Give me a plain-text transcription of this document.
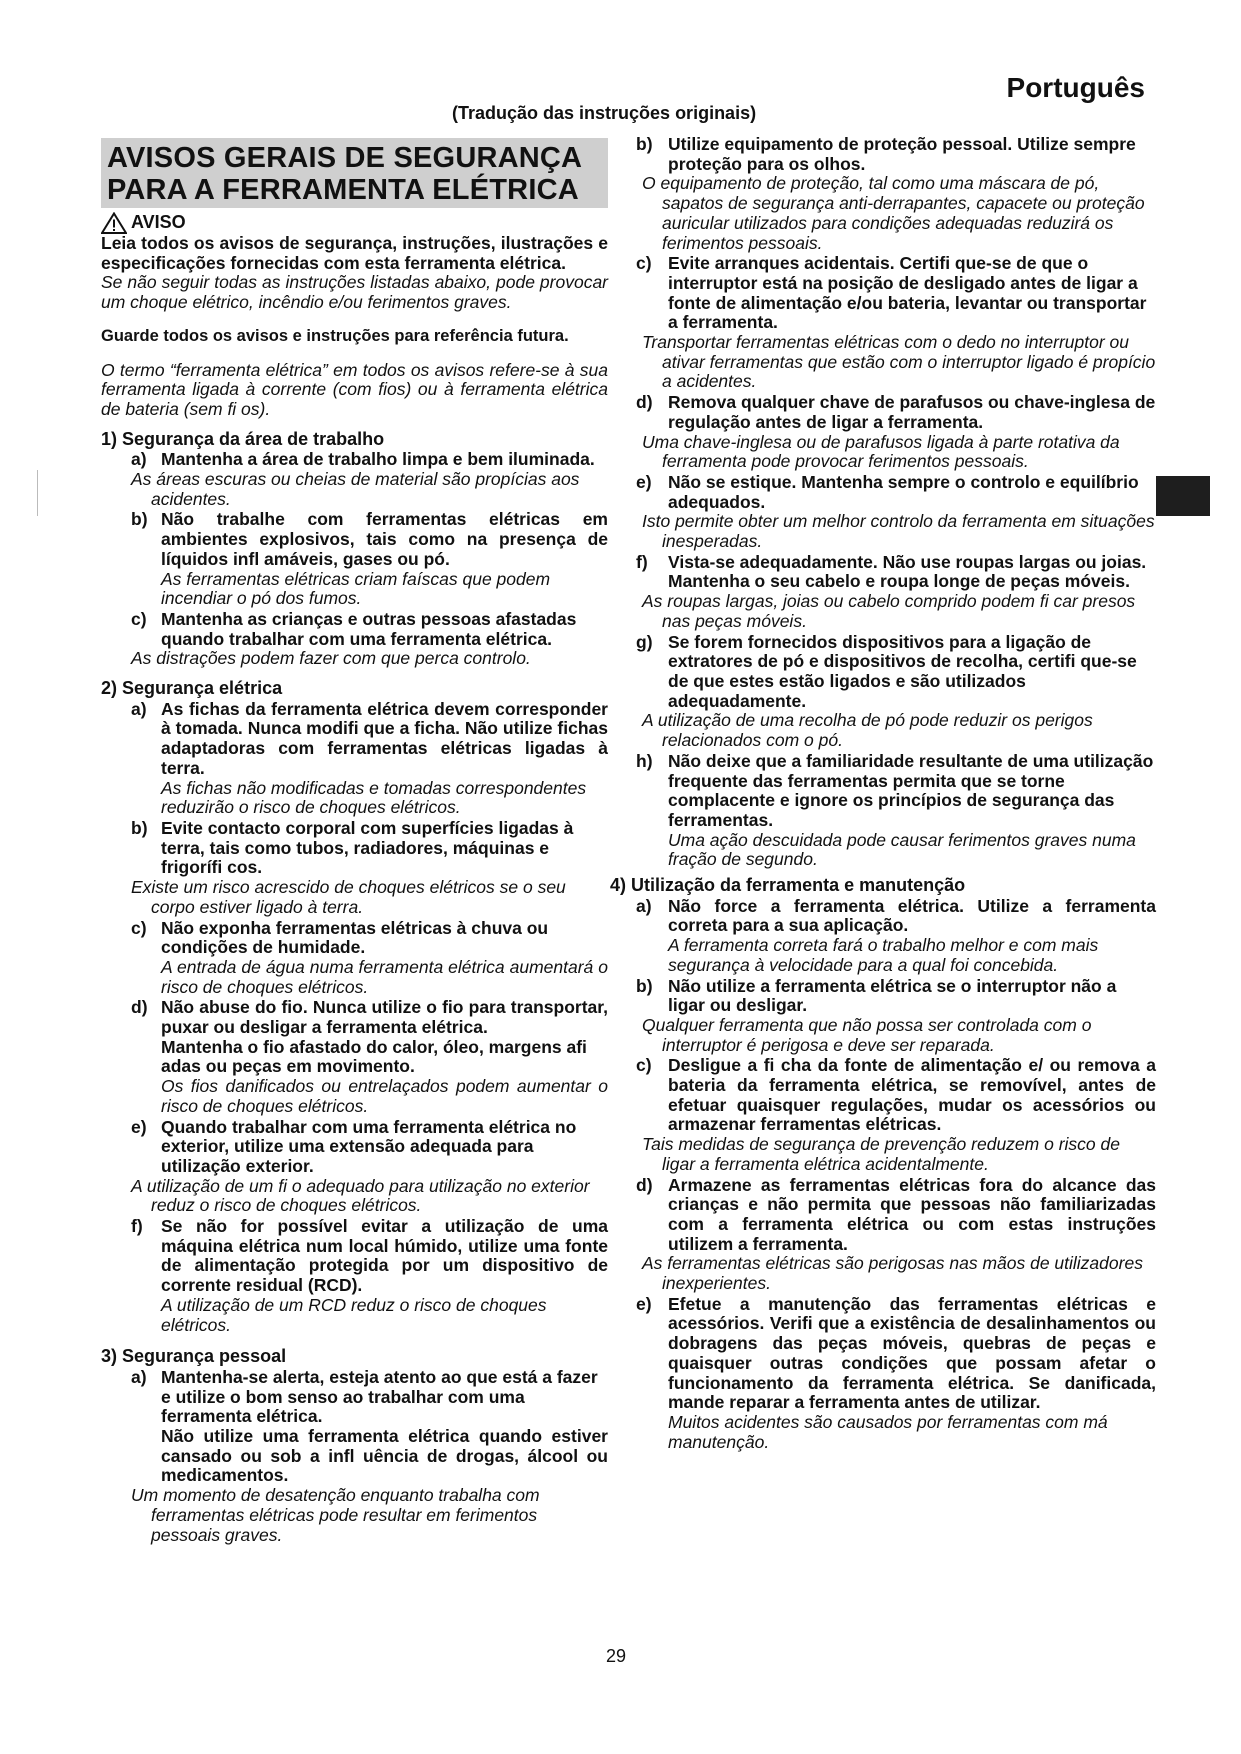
Português
(Tradução das instruções originais)
AVISOS GERAIS DE SEGURANÇA
PARA A FERRAMENTA ELÉTRICA
AVISO
Leia todos os avisos de segurança, instruções, ilustrações e especificações fornecidas com esta ferramenta elétrica.
Se não seguir todas as instruções listadas abaixo, pode provocar um choque elétrico, incêndio e/ou ferimentos graves.
Guarde todos os avisos e instruções para referência futura.
O termo “ferramenta elétrica” em todos os avisos refere-se à sua ferramenta ligada à corrente (com fios) ou à ferramenta elétrica de bateria (sem fi os).
1) Segurança da área de trabalho
a) Mantenha a área de trabalho limpa e bem iluminada.
As áreas escuras ou cheias de material são propícias aos acidentes.
b) Não trabalhe com ferramentas elétricas em ambientes explosivos, tais como na presença de líquidos infl amáveis, gases ou pó.
As ferramentas elétricas criam faíscas que podem incendiar o pó dos fumos.
c) Mantenha as crianças e outras pessoas afastadas quando trabalhar com uma ferramenta elétrica.
As distrações podem fazer com que perca controlo.
2) Segurança elétrica
a) As fichas da ferramenta elétrica devem corresponder à tomada. Nunca modifi que a ficha. Não utilize fichas adaptadoras com ferramentas elétricas ligadas à terra.
As fichas não modificadas e tomadas correspondentes reduzirão o risco de choques elétricos.
b) Evite contacto corporal com superfícies ligadas à terra, tais como tubos, radiadores, máquinas e frigorífi cos.
Existe um risco acrescido de choques elétricos se o seu corpo estiver ligado à terra.
c) Não exponha ferramentas elétricas à chuva ou condições de humidade.
A entrada de água numa ferramenta elétrica aumentará o risco de choques elétricos.
d) Não abuse do fio. Nunca utilize o fio para transportar, puxar ou desligar a ferramenta elétrica.
Mantenha o fio afastado do calor, óleo, margens afi adas ou peças em movimento.
Os fios danificados ou entrelaçados podem aumentar o risco de choques elétricos.
e) Quando trabalhar com uma ferramenta elétrica no exterior, utilize uma extensão adequada para utilização exterior.
A utilização de um fi o adequado para utilização no exterior reduz o risco de choques elétricos.
f)	Se não for possível evitar a utilização de uma máquina elétrica num local húmido, utilize uma fonte de alimentação protegida por um dispositivo de corrente residual (RCD).
A utilização de um RCD reduz o risco de choques elétricos.
3) Segurança pessoal
a) Mantenha-se alerta, esteja atento ao que está a fazer e utilize o bom senso ao trabalhar com uma ferramenta elétrica.
Não utilize uma ferramenta elétrica quando estiver cansado ou sob a infl uência de drogas, álcool ou medicamentos.
Um momento de desatenção enquanto trabalha com ferramentas elétricas pode resultar em ferimentos pessoais graves.
b) Utilize equipamento de proteção pessoal. Utilize sempre proteção para os olhos.
O equipamento de proteção, tal como uma máscara de pó, sapatos de segurança anti-derrapantes, capacete ou proteção auricular utilizados para condições adequadas reduzirá os ferimentos pessoais.
c) Evite arranques acidentais. Certifi que-se de que o interruptor está na posição de desligado antes de ligar a fonte de alimentação e/ou bateria, levantar ou transportar a ferramenta.
Transportar ferramentas elétricas com o dedo no interruptor ou ativar ferramentas que estão com o interruptor ligado é propício a acidentes.
d) Remova qualquer chave de parafusos ou chave-inglesa de regulação antes de ligar a ferramenta.
Uma chave-inglesa ou de parafusos ligada à parte rotativa da ferramenta pode provocar ferimentos pessoais.
e) Não se estique. Mantenha sempre o controlo e equilíbrio adequados.
Isto permite obter um melhor controlo da ferramenta em situações inesperadas.
f)	Vista-se adequadamente. Não use roupas largas ou joias. Mantenha o seu cabelo e roupa longe de peças móveis.
As roupas largas, joias ou cabelo comprido podem fi car presos nas peças móveis.
g) Se forem fornecidos dispositivos para a ligação de extratores de pó e dispositivos de recolha, certifi que-se de que estes estão ligados e são utilizados adequadamente.
A utilização de uma recolha de pó pode reduzir os perigos relacionados com o pó.
h) Não deixe que a familiaridade resultante de uma utilização frequente das ferramentas permita que se torne complacente e ignore os princípios de segurança das ferramentas.
Uma ação descuidada pode causar ferimentos graves numa fração de segundo.
4) Utilização da ferramenta e manutenção
a) Não force a ferramenta elétrica. Utilize a ferramenta correta para a sua aplicação.
A ferramenta correta fará o trabalho melhor e com mais segurança à velocidade para a qual foi concebida.
b) Não utilize a ferramenta elétrica se o interruptor não a ligar ou desligar.
Qualquer ferramenta que não possa ser controlada com o interruptor é perigosa e deve ser reparada.
c) Desligue a fi cha da fonte de alimentação e/ ou remova a bateria da ferramenta elétrica, se removível, antes de efetuar quaisquer regulações, mudar os acessórios ou armazenar ferramentas elétricas.
Tais medidas de segurança de prevenção reduzem o risco de ligar a ferramenta elétrica acidentalmente.
d) Armazene as ferramentas elétricas fora do alcance das crianças e não permita que pessoas não familiarizadas com a ferramenta elétrica ou com estas instruções utilizem a ferramenta.
As ferramentas elétricas são perigosas nas mãos de utilizadores inexperientes.
e) Efetue a manutenção das ferramentas elétricas e acessórios. Verifi que a existência de desalinhamentos ou dobragens das peças móveis, quebras de peças e quaisquer outras condições que possam afetar o funcionamento da ferramenta elétrica. Se danificada, mande reparar a ferramenta antes de utilizar.
Muitos acidentes são causados por ferramentas com má manutenção.
29
